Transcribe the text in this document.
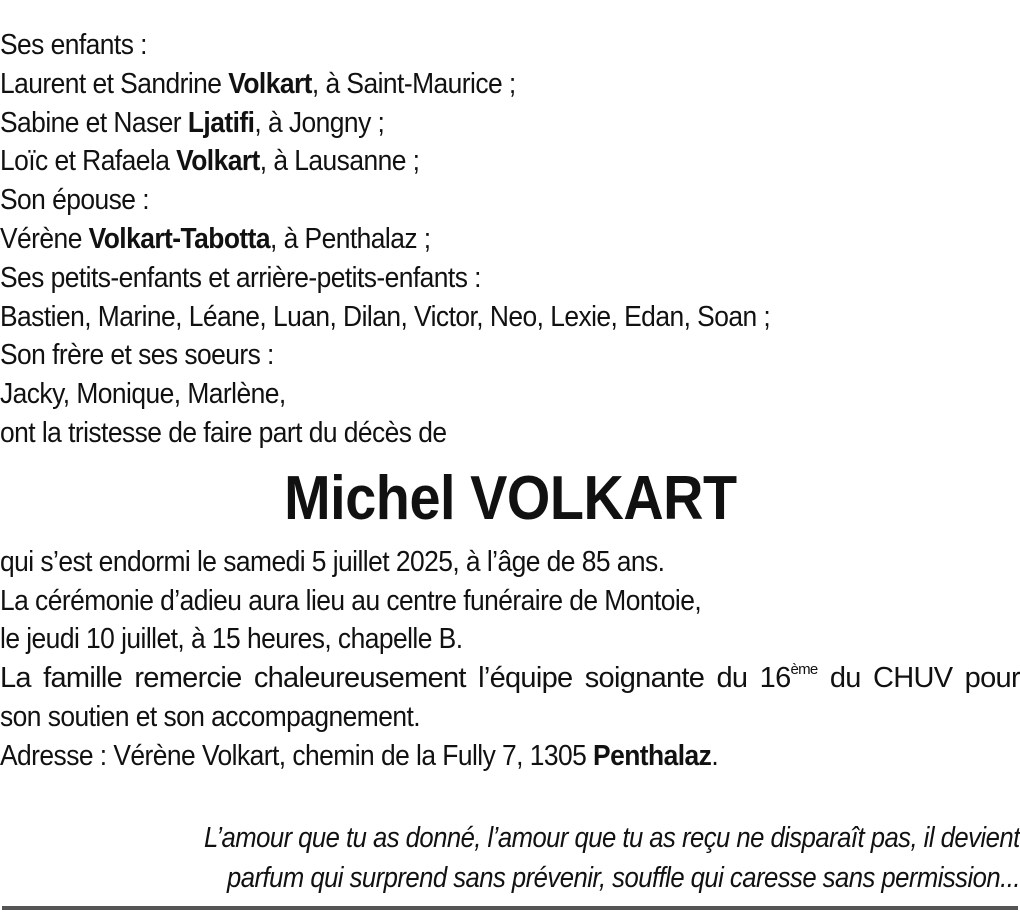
Ses enfants :
Laurent et Sandrine Volkart, à Saint-Maurice ;
Sabine et Naser Ljatifi, à Jongny ;
Loïc et Rafaela Volkart, à Lausanne ;
Son épouse :
Vérène Volkart-Tabotta, à Penthalaz ;
Ses petits-enfants et arrière-petits-enfants :
Bastien, Marine, Léane, Luan, Dilan, Victor, Neo, Lexie, Edan, Soan ;
Son frère et ses soeurs :
Jacky, Monique, Marlène,
ont la tristesse de faire part du décès de
Michel VOLKART
qui s’est endormi le samedi 5 juillet 2025, à l’âge de 85 ans.
La cérémonie d’adieu aura lieu au centre funéraire de Montoie,
le jeudi 10 juillet, à 15 heures, chapelle B.
La famille remercie chaleureusement l’équipe soignante du 16ème du CHUV pour
son soutien et son accompagnement.
Adresse : Vérène Volkart, chemin de la Fully 7, 1305 Penthalaz.
L’amour que tu as donné, l’amour que tu as reçu ne disparaît pas, il devient
parfum qui surprend sans prévenir, souffle qui caresse sans permission...
